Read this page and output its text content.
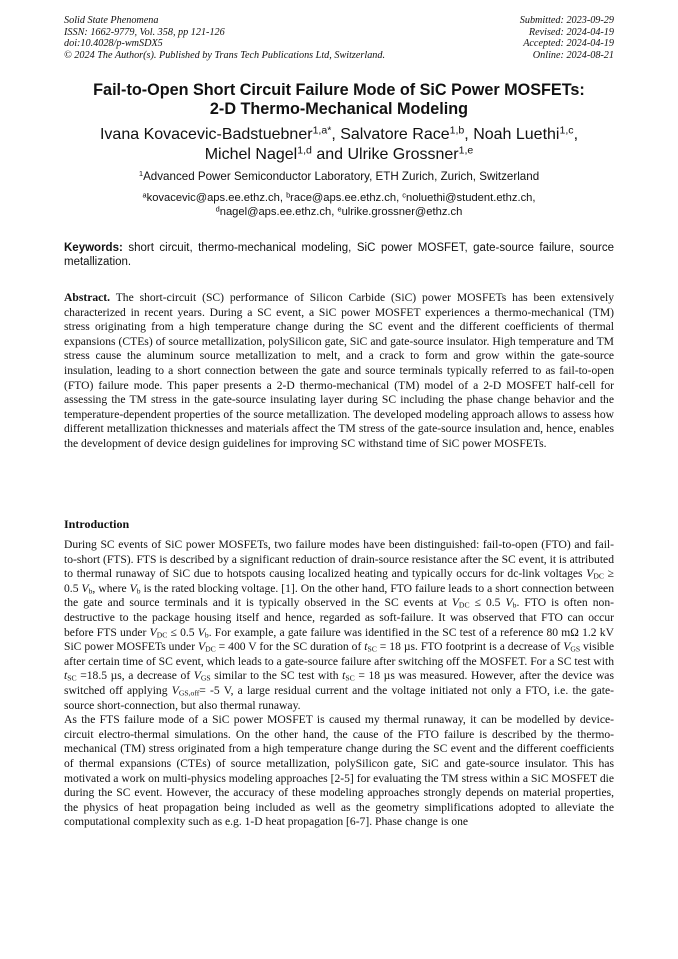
Solid State Phenomena
ISSN: 1662-9779, Vol. 358, pp 121-126
doi:10.4028/p-wmSDX5
© 2024 The Author(s). Published by Trans Tech Publications Ltd, Switzerland.
Submitted: 2023-09-29
Revised: 2024-04-19
Accepted: 2024-04-19
Online: 2024-08-21
Fail-to-Open Short Circuit Failure Mode of SiC Power MOSFETs:
2-D Thermo-Mechanical Modeling
Ivana Kovacevic-Badstuebner$^{1,a*}$, Salvatore Race$^{1,b}$, Noah Luethi$^{1,c}$,
Michel Nagel$^{1,d}$ and Ulrike Grossner$^{1,e}$
$^1$Advanced Power Semiconductor Laboratory, ETH Zurich, Zurich, Switzerland
$^a$kovacevic@aps.ee.ethz.ch, $^b$race@aps.ee.ethz.ch, $^c$noluethi@student.ethz.ch,
$^d$nagel@aps.ee.ethz.ch, $^e$ulrike.grossner@ethz.ch
Keywords: short circuit, thermo-mechanical modeling, SiC power MOSFET, gate-source failure, source metallization.
Abstract. The short-circuit (SC) performance of Silicon Carbide (SiC) power MOSFETs has been extensively characterized in recent years. During a SC event, a SiC power MOSFET experiences a thermo-mechanical (TM) stress originating from a high temperature change during the SC event and the different coefficients of thermal expansions (CTEs) of source metallization, polySilicon gate, SiC and gate-source insulator. High temperature and TM stress cause the aluminum source metallization to melt, and a crack to form and grow within the gate-source insulation, leading to a short connection between the gate and source terminals typically referred to as fail-to-open (FTO) failure mode. This paper presents a 2-D thermo-mechanical (TM) model of a 2-D MOSFET half-cell for assessing the TM stress in the gate-source insulating layer during SC including the phase change behavior and the temperature-dependent properties of the source metallization. The developed modeling approach allows to assess how different metallization thicknesses and materials affect the TM stress of the gate-source insulation and, hence, enables the development of device design guidelines for improving SC withstand time of SiC power MOSFETs.
Introduction

During SC events of SiC power MOSFETs, two failure modes have been distinguished: fail-to-open (FTO) and fail-to-short (FTS). FTS is described by a significant reduction of drain-source resistance after the SC event, it is attributed to thermal runaway of SiC due to hotspots causing localized heating and typically occurs for dc-link voltages $V_{DC} \ge 0.5$ $V_b$, where $V_b$ is the rated blocking voltage. [1]. On the other hand, FTO failure leads to a short connection between the gate and source terminals and it is typically observed in the SC events at $V_{DC} \le 0.5$ $V_b$. FTO is often non-destructive to the package housing itself and hence, regarded as soft-failure. It was observed that FTO can occur before FTS under $V_{DC} \le 0.5$ $V_b$. For example, a gate failure was identified in the SC test of a reference 80 mΩ 1.2 kV SiC power MOSFETs under $V_{DC} = 400$ V for the SC duration of $t_{SC} = 18$ µs. FTO footprint is a decrease of $V_{GS}$ visible after certain time of SC event, which leads to a gate-source failure after switching off the MOSFET. For a SC test with $t_{SC} =18.5$ µs, a decrease of $V_{GS}$ similar to the SC test with $t_{SC} = 18$ µs was measured. However, after the device was switched off applying $V_{GS,off}= -5$ V, a large residual current and the voltage initiated not only a FTO, i.e. the gate-source short-connection, but also thermal runaway.

As the FTS failure mode of a SiC power MOSFET is caused my thermal runaway, it can be modelled by device-circuit electro-thermal simulations. On the other hand, the cause of the FTO failure is described by the thermo-mechanical (TM) stress originated from a high temperature change during the SC event and the different coefficients of thermal expansions (CTEs) of source metallization, polySilicon gate, SiC and gate-source insulator. This has motivated a work on multi-physics modeling approaches [2-5] for evaluating the TM stress within a SiC MOSFET die during the SC event. However, the accuracy of these modeling approaches strongly depends on material properties, the physics of heat propagation being included as well as the geometry simplifications adopted to alleviate the computational complexity such as e.g. 1-D heat propagation [6-7]. Phase change is one
